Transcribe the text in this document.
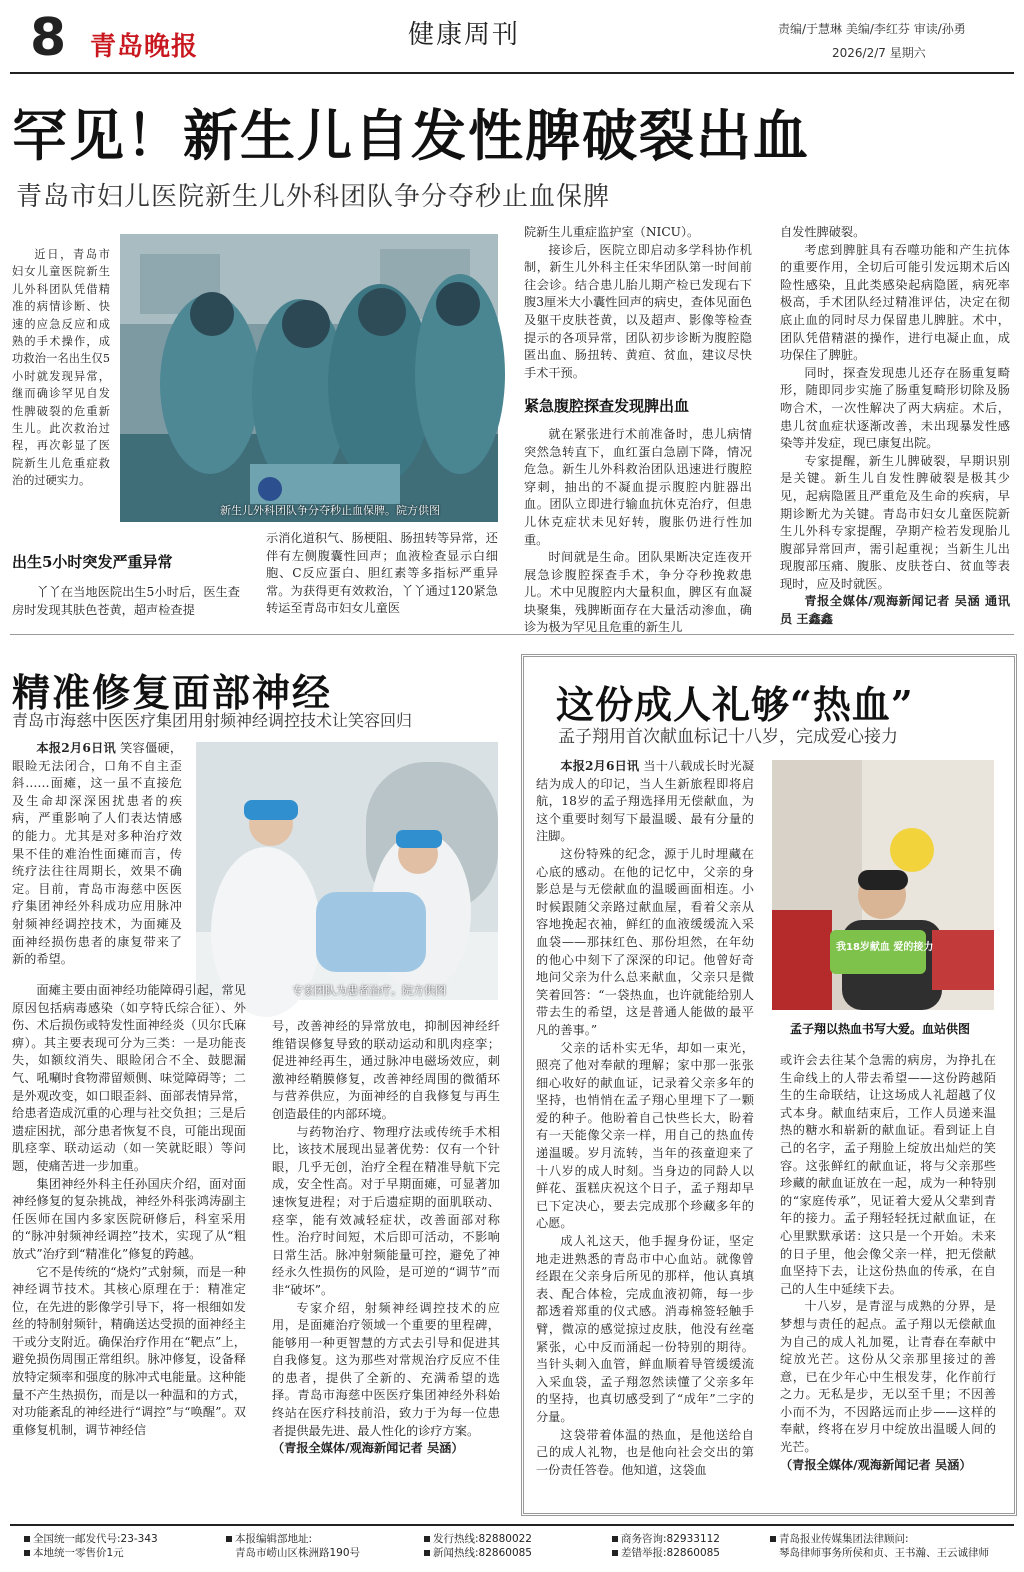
8 青岛晚报	健康周刊	责编/于慧琳 美编/李红芬 审读/孙勇
2026/2/7 星期六
罕见！新生儿自发性脾破裂出血
青岛市妇儿医院新生儿外科团队争分夺秒止血保脾

近日，青岛市妇女儿童医院新生儿外科团队凭借精准的病情诊断、快速的应急反应和成熟的手术操作，成功救治一名出生仅5小时就发现异常，继而确诊罕见自发性脾破裂的危重新生儿。此次救治过程，再次彰显了医院新生儿危重症救治的过硬实力。

新生儿外科团队争分夺秒止血保脾。院方供图
出生5小时突发严重异常

丫丫在当地医院出生5小时后，医生查房时发现其肤色苍黄，超声检查提

示消化道积气、肠梗阻、肠扭转等异常，还伴有左侧腹囊性回声；血液检查显示白细胞、C反应蛋白、胆红素等多指标严重异常。为获得更有效救治，丫丫通过120紧急转运至青岛市妇女儿童医

院新生儿重症监护室（NICU）。

接诊后，医院立即启动多学科协作机制，新生儿外科主任宋华团队第一时间前往会诊。结合患儿胎儿期产检已发现右下腹3厘米大小囊性回声的病史，查体见面色及躯干皮肤苍黄，以及超声、影像等检查提示的各项异常，团队初步诊断为腹腔隐匿出血、肠扭转、黄疸、贫血，建议尽快手术干预。

紧急腹腔探查发现脾出血

就在紧张进行术前准备时，患儿病情突然急转直下，血红蛋白急剧下降，情况危急。新生儿外科救治团队迅速进行腹腔穿刺，抽出的不凝血提示腹腔内脏器出血。团队立即进行输血抗休克治疗，但患儿休克症状未见好转，腹胀仍进行性加重。

时间就是生命。团队果断决定连夜开展急诊腹腔探查手术，争分夺秒挽救患儿。术中见腹腔内大量积血，脾区有血凝块聚集，残脾断面存在大量活动渗血，确诊为极为罕见且危重的新生儿

自发性脾破裂。

考虑到脾脏具有吞噬功能和产生抗体的重要作用，全切后可能引发远期术后凶险性感染，且此类感染起病隐匿，病死率极高，手术团队经过精准评估，决定在彻底止血的同时尽力保留患儿脾脏。术中，团队凭借精湛的操作，进行电凝止血，成功保住了脾脏。

同时，探查发现患儿还存在肠重复畸形，随即同步实施了肠重复畸形切除及肠吻合术，一次性解决了两大病症。术后，患儿贫血症状逐渐改善，未出现暴发性感染等并发症，现已康复出院。

专家提醒，新生儿脾破裂，早期识别是关键。新生儿自发性脾破裂是极其少见，起病隐匿且严重危及生命的疾病，早期诊断尤为关键。青岛市妇女儿童医院新生儿外科专家提醒，孕期产检若发现胎儿腹部异常回声，需引起重视；当新生儿出现腹部压痛、腹胀、皮肤苍白、贫血等表现时，应及时就医。

青报全媒体/观海新闻记者 吴涵 通讯员 王鑫鑫

精准修复面部神经
青岛市海慈中医医疗集团用射频神经调控技术让笑容回归

本报2月6日讯 笑容僵硬，眼睑无法闭合，口角不自主歪斜……面瘫，这一虽不直接危及生命却深深困扰患者的疾病，严重影响了人们表达情感的能力。尤其是对多种治疗效果不佳的难治性面瘫而言，传统疗法往往周期长，效果不确定。目前，青岛市海慈中医医疗集团神经外科成功应用脉冲射频神经调控技术，为面瘫及面神经损伤患者的康复带来了新的希望。

专家团队为患者治疗。院方供图

面瘫主要由面神经功能障碍引起，常见原因包括病毒感染（如亨特氏综合征）、外伤、术后损伤或特发性面神经炎（贝尔氏麻痹）。其主要表现可分为三类：一是功能丧失，如额纹消失、眼睑闭合不全、鼓腮漏气、吼唰时食物滞留颊侧、味觉障碍等；二是外观改变，如口眼歪斜、面部表情异常，给患者造成沉重的心理与社交负担；三是后遗症困扰，部分患者恢复不良，可能出现面肌痉挛、联动运动（如一笑就眨眼）等问题，使痛苦进一步加重。

集团神经外科主任孙国庆介绍，面对面神经修复的复杂挑战，神经外科张鸿涛副主任医师在国内多家医院研修后，科室采用的“脉冲射频神经调控”技术，实现了从“粗放式”治疗到“精准化”修复的跨越。

它不是传统的“烧灼”式射频，而是一种神经调节技术。其核心原理在于：精准定位，在先进的影像学引导下，将一根细如发丝的特制射频针，精确送达受损的面神经主干或分支附近。确保治疗作用在“靶点”上，避免损伤周围正常组织。脉冲修复，设备释放特定频率和强度的脉冲式电能量。这种能量不产生热损伤，而是以一种温和的方式，对功能紊乱的神经进行“调控”与“唤醒”。双重修复机制，调节神经信

号，改善神经的异常放电，抑制因神经纤维错误修复导致的联动运动和肌肉痉挛；促进神经再生，通过脉冲电磁场效应，刺激神经鞘膜修复，改善神经周围的微循环与营养供应，为面神经的自我修复与再生创造最佳的内部环境。

与药物治疗、物理疗法或传统手术相比，该技术展现出显著优势：仅有一个针眼，几乎无创，治疗全程在精准导航下完成，安全性高。对于早期面瘫，可显著加速恢复进程；对于后遗症期的面肌联动、痉挛，能有效减轻症状，改善面部对称性。治疗时间短，术后即可活动，不影响日常生活。脉冲射频能量可控，避免了神经永久性损伤的风险，是可逆的“调节”而非“破坏”。

专家介绍，射频神经调控技术的应用，是面瘫治疗领域一个重要的里程碑，能够用一种更智慧的方式去引导和促进其自我修复。这为那些对常规治疗反应不佳的患者，提供了全新的、充满希望的选择。青岛市海慈中医医疗集团神经外科始终站在医疗科技前沿，致力于为每一位患者提供最先进、最人性化的诊疗方案。

（青报全媒体/观海新闻记者 吴涵）

这份成人礼够“热血”
孟子翔用首次献血标记十八岁，完成爱心接力

本报2月6日讯 当十八载成长时光凝结为成人的印记，当人生新旅程即将启航，18岁的孟子翔选择用无偿献血，为这个重要时刻写下最温暖、最有分量的注脚。

这份特殊的纪念，源于儿时埋藏在心底的感动。在他的记忆中，父亲的身影总是与无偿献血的温暖画面相连。小时候跟随父亲路过献血屋，看着父亲从容地挽起衣袖，鲜红的血液缓缓流入采血袋——那抹红色、那份坦然，在年幼的他心中刻下了深深的印记。他曾好奇地问父亲为什么总来献血，父亲只是微笑着回答：“一袋热血，也许就能给别人带去生的希望，这是普通人能做的最平凡的善事。”

父亲的话朴实无华，却如一束光，照亮了他对奉献的理解；家中那一张张细心收好的献血证，记录着父亲多年的坚持，也悄悄在孟子翔心里埋下了一颗爱的种子。他盼着自己快些长大，盼着有一天能像父亲一样，用自己的热血传递温暖。岁月流转，当年的孩童迎来了十八岁的成人时刻。当身边的同龄人以鲜花、蛋糕庆祝这个日子，孟子翔却早已下定决心，要去完成那个珍藏多年的心愿。

成人礼这天，他手握身份证，坚定地走进熟悉的青岛市中心血站。就像曾经跟在父亲身后所见的那样，他认真填表、配合体检，完成血液初筛，每一步都透着郑重的仪式感。消毒棉签轻触手臂，微凉的感觉掠过皮肤，他没有丝毫紧张，心中反而涌起一份特别的期待。当针头刺入血管，鲜血顺着导管缓缓流入采血袋，孟子翔忽然读懂了父亲多年的坚持，也真切感受到了“成年”二字的分量。

这袋带着体温的热血，是他送给自己的成人礼物，也是他向社会交出的第一份责任答卷。他知道，这袋血

我18岁献血 爱的接力
孟子翔以热血书写大爱。血站供图

或许会去往某个急需的病房，为挣扎在生命线上的人带去希望——这份跨越陌生的生命联结，让这场成人礼超越了仪式本身。献血结束后，工作人员递来温热的糖水和崭新的献血证。看到证上自己的名字，孟子翔脸上绽放出灿烂的笑容。这张鲜红的献血证，将与父亲那些珍藏的献血证放在一起，成为一种特别的“家庭传承”，见证着大爱从父辈到青年的接力。孟子翔轻轻抚过献血证，在心里默默承诺：这只是一个开始。未来的日子里，他会像父亲一样，把无偿献血坚持下去，让这份热血的传承，在自己的人生中延续下去。

十八岁，是青涩与成熟的分界，是梦想与责任的起点。孟子翔以无偿献血为自己的成人礼加冕，让青春在奉献中绽放光芒。这份从父亲那里接过的善意，已在少年心中生根发芽，化作前行之力。无私是步，无以至千里；不因善小而不为，不因路远而止步——这样的奉献，终将在岁月中绽放出温暖人间的光芒。

（青报全媒体/观海新闻记者 吴涵）

全国统一邮发代号:23-343
本地统一零售价1元
本报编辑部地址:
青岛市崂山区株洲路190号
发行热线:82880022
新闻热线:82860085
商务咨询:82933112
差错举报:82860085
青岛报业传媒集团法律顾问:
琴岛律师事务所侯和贞、王书瀚、王云诚律师
